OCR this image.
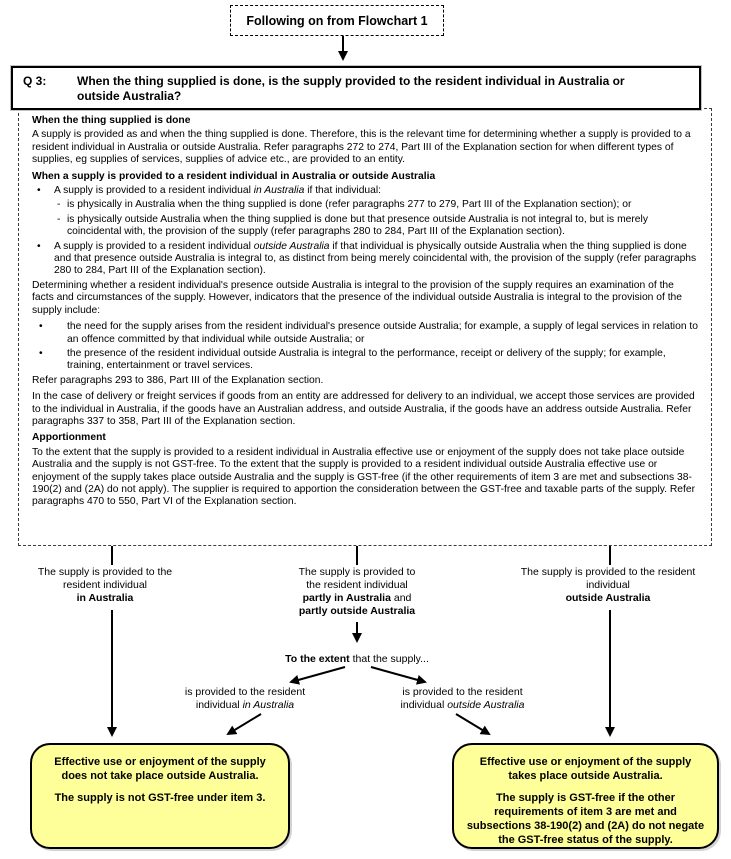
Following on from Flowchart 1
Q 3:	When the thing supplied is done, is the supply provided to the resident individual in Australia or outside Australia?
When the thing supplied is done

A supply is provided as and when the thing supplied is done. Therefore, this is the relevant time for determining whether a supply is provided to a resident individual in Australia or outside Australia. Refer paragraphs 272 to 274, Part III of the Explanation section for when different types of supplies, eg supplies of services, supplies of advice etc., are provided to an entity.

When a supply is provided to a resident individual in Australia or outside Australia
•	A supply is provided to a resident individual in Australia if that individual:
- is physically in Australia when the thing supplied is done (refer paragraphs 277 to 279, Part III of the Explanation section); or
- is physically outside Australia when the thing supplied is done but that presence outside Australia is not integral to, but is merely coincidental with, the provision of the supply (refer paragraphs 280 to 284, Part III of the Explanation section).
•	A supply is provided to a resident individual outside Australia if that individual is physically outside Australia when the thing supplied is done and that presence outside Australia is integral to, as distinct from being merely coincidental with, the provision of the supply (refer paragraphs 280 to 284, Part III of the Explanation section).

Determining whether a resident individual's presence outside Australia is integral to the provision of the supply requires an examination of the facts and circumstances of the supply. However, indicators that the presence of the individual outside Australia is integral to the provision of the supply include:

•	the need for the supply arises from the resident individual's presence outside Australia; for example, a supply of legal services in relation to an offence committed by that individual while outside Australia; or
•	the presence of the resident individual outside Australia is integral to the performance, receipt or delivery of the supply; for example, training, entertainment or travel services.

Refer paragraphs 293 to 386, Part III of the Explanation section.

In the case of delivery or freight services if goods from an entity are addressed for delivery to an individual, we accept those services are provided to the individual in Australia, if the goods have an Australian address, and outside Australia, if the goods have an address outside Australia. Refer paragraphs 337 to 358, Part III of the Explanation section.

Apportionment

To the extent that the supply is provided to a resident individual in Australia effective use or enjoyment of the supply does not take place outside Australia and the supply is not GST-free. To the extent that the supply is provided to a resident individual outside Australia effective use or enjoyment of the supply takes place outside Australia and the supply is GST-free (if the other requirements of item 3 are met and subsections 38-190(2) and (2A) do not apply). The supplier is required to apportion the consideration between the GST-free and taxable parts of the supply. Refer paragraphs 470 to 550, Part VI of the Explanation section.

The supply is provided to the resident individual
in Australia
The supply is provided to the resident individual
partly in Australia and
partly outside Australia
The supply is provided to the resident individual
outside Australia
To the extent that the supply...
is provided to the resident individual in Australia
is provided to the resident individual outside Australia

Effective use or enjoyment of the supply does not take place outside Australia.

The supply is not GST-free under item 3.

Effective use or enjoyment of the supply takes place outside Australia.

The supply is GST-free if the other requirements of item 3 are met and subsections 38-190(2) and (2A) do not negate the GST-free status of the supply.
